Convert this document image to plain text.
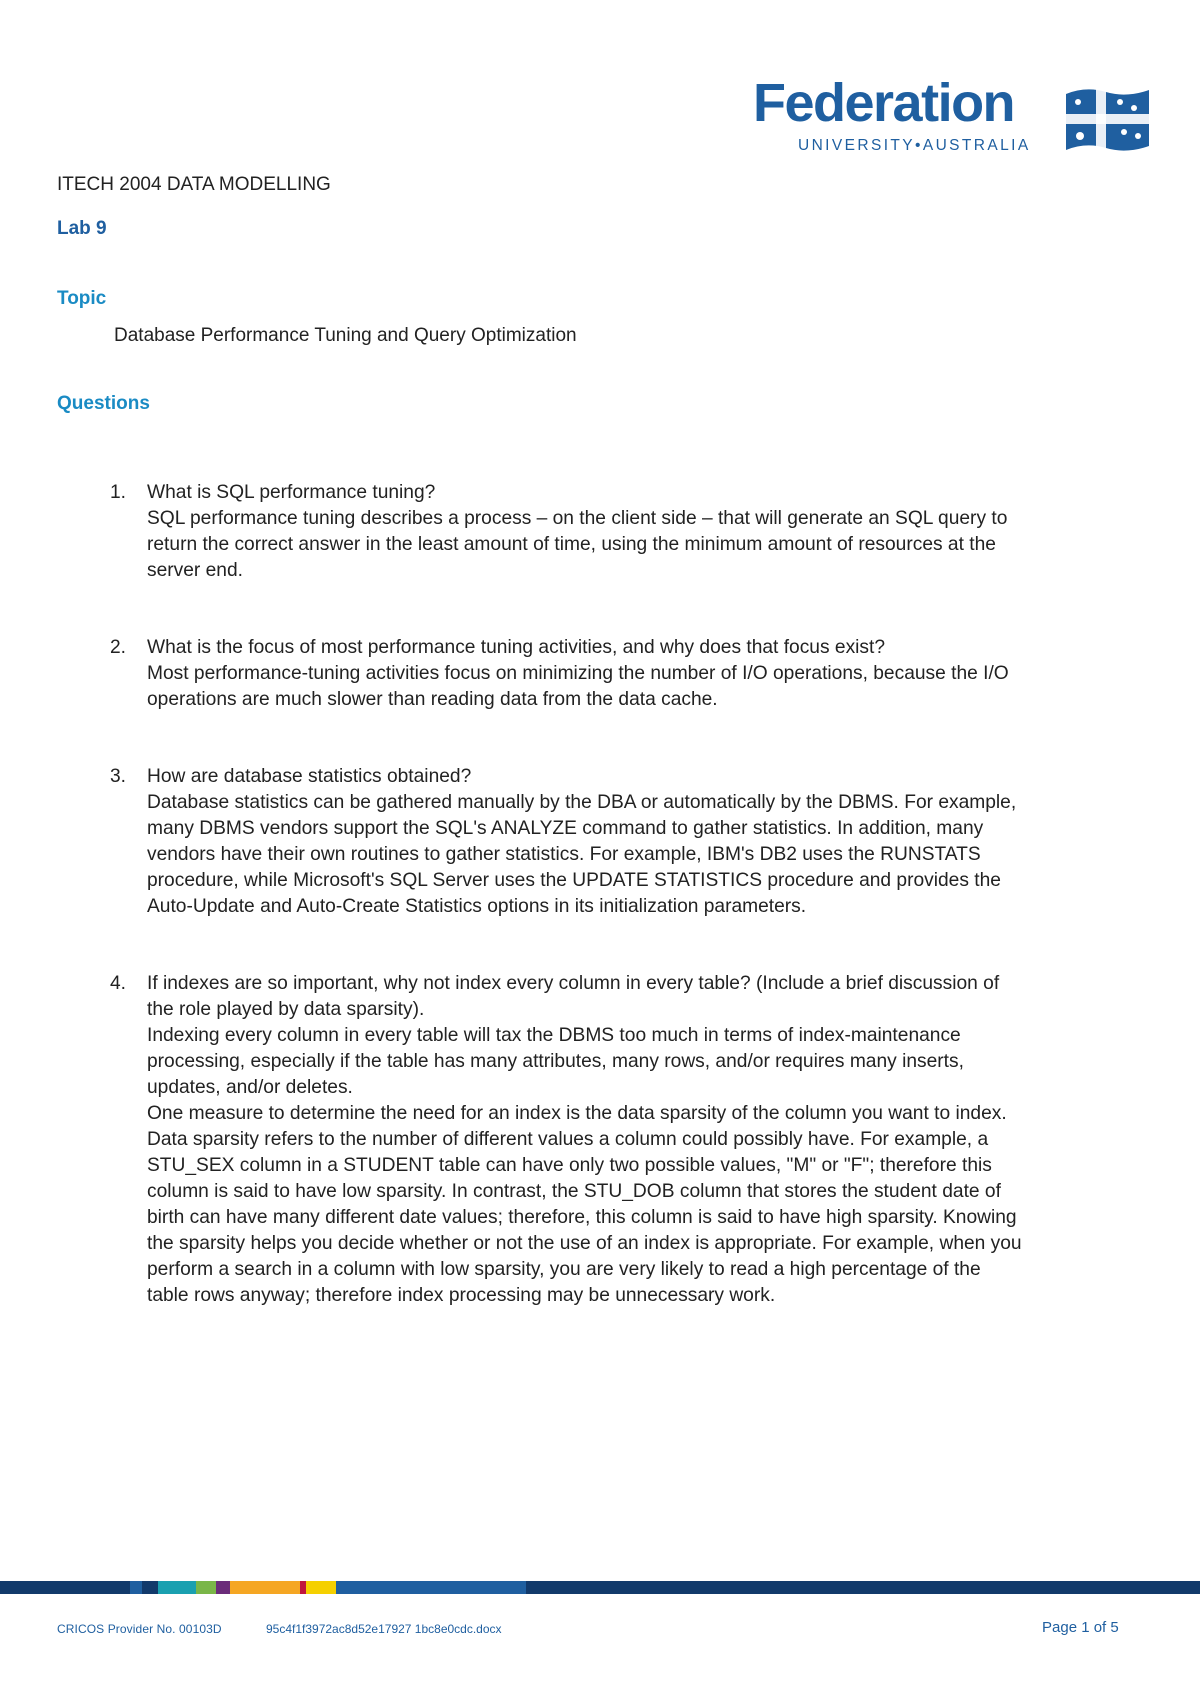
Federation
UNIVERSITY•AUSTRALIA
ITECH 2004 DATA MODELLING
Lab 9
Topic
Database Performance Tuning and Query Optimization
Questions
1. What is SQL performance tuning?

SQL performance tuning describes a process – on the client side – that will generate an SQL query to return the correct answer in the least amount of time, using the minimum amount of resources at the server end.

2. What is the focus of most performance tuning activities, and why does that focus exist?

Most performance-tuning activities focus on minimizing the number of I/O operations, because the I/O operations are much slower than reading data from the data cache.

3. How are database statistics obtained?

Database statistics can be gathered manually by the DBA or automatically by the DBMS. For example, many DBMS vendors support the SQL's ANALYZE command to gather statistics. In addition, many vendors have their own routines to gather statistics. For example, IBM's DB2 uses the RUNSTATS procedure, while Microsoft's SQL Server uses the UPDATE STATISTICS procedure and provides the Auto-Update and Auto-Create Statistics options in its initialization parameters.

4. If indexes are so important, why not index every column in every table? (Include a brief discussion of the role played by data sparsity).

Indexing every column in every table will tax the DBMS too much in terms of index-maintenance processing, especially if the table has many attributes, many rows, and/or requires many inserts, updates, and/or deletes.

One measure to determine the need for an index is the data sparsity of the column you want to index. Data sparsity refers to the number of different values a column could possibly have. For example, a STU_SEX column in a STUDENT table can have only two possible values, "M" or "F"; therefore this column is said to have low sparsity. In contrast, the STU_DOB column that stores the student date of birth can have many different date values; therefore, this column is said to have high sparsity. Knowing the sparsity helps you decide whether or not the use of an index is appropriate. For example, when you perform a search in a column with low sparsity, you are very likely to read a high percentage of the table rows anyway; therefore index processing may be unnecessary work.

CRICOS Provider No. 00103D	95c4f1f3972ac8d52e17927 1bc8e0cdc.docx	Page 1 of 5
